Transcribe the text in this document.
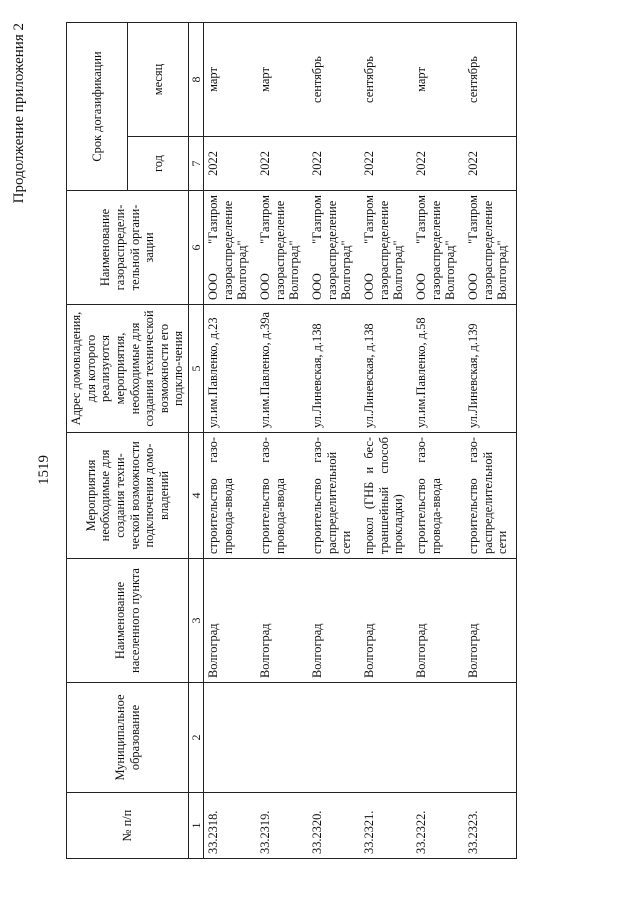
1519
Продолжение приложения 2
№ п/п	Муниципальное образование	Наименование населенного пункта	Мероприятия необходимые для создания техни-ческой возможности подключения домо-владений	Адрес домовладения, для которого реализуются мероприятия, необходимые для создания технической возможности его подклю-чения	Наименование газораспредели-тельной органи-зации	Срок догазификации	
						год	месяц
1	2	3	4	5	6	7	8
33.2318.		Волгоград	строительство газо-провода-ввода	ул.им.Павленко, д.23	ООО "Газпром газораспределение Волгоград"	2022	март
33.2319.		Волгоград	строительство газо-провода-ввода	ул.им.Павленко, д.39а	ООО "Газпром газораспределение Волгоград"	2022	март
33.2320.		Волгоград	строительство газо-распределительной сети	ул.Линевская, д.138	ООО "Газпром газораспределение Волгоград"	2022	сентябрь
33.2321.		Волгоград	прокол (ГНБ и бес-траншейный способ прокладки)	ул.Линевская, д.138	ООО "Газпром газораспределение Волгоград"	2022	сентябрь
33.2322.		Волгоград	строительство газо-провода-ввода	ул.им.Павленко, д.58	ООО "Газпром газораспределение Волгоград"	2022	март
33.2323.		Волгоград	строительство газо-распределительной сети	ул.Линевская, д.139	ООО "Газпром газораспределение Волгоград"	2022	сентябрь
